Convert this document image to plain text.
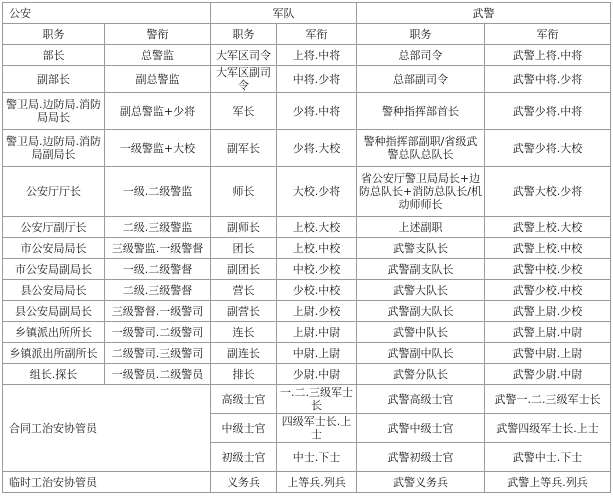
公安		军队		武警	
职务	警衔	职务	军衔	职务	军衔
部长	总警监	大军区司令	上将.中将	总部司令	武警上将.中将
副部长	副总警监	大军区副司令	中将.少将	总部副司令	武警中将.少将
警卫局.边防局.消防局局长	副总警监+少将	军长	少将.中将	警种指挥部首长	武警少将.中将
警卫局.边防局.消防局副局长	一级警监+大校	副军长	少将.大校	警种指挥部副职/省级武警总队总队长	武警少将.大校
公安厅厅长	一级.二级警监	师长	大校.少将	省公安厅警卫局局长+边防总队长+消防总队长/机动师师长	武警大校.少将
公安厅副厅长	二级.三级警监	副师长	上校.大校	上述副职	武警上校.大校
市公安局局长	三级警监.一级警督	团长	上校.中校	武警支队长	武警上校.中校
市公安局副局长	一级.二级警督	副团长	中校.少校	武警副支队长	武警中校.少校
县公安局局长	二级.三级警督	营长	少校.中校	武警大队长	武警少校.中校
县公安局副局长	三级警督.一级警司	副营长	上尉.少校	武警副大队长	武警上尉.少校
乡镇派出所所长	一级警司.二级警司	连长	上尉.中尉	武警中队长	武警上尉.中尉
乡镇派出所副所长	二级警司.三级警司	副连长	中尉.上尉	武警副中队长	武警中尉.上尉
组长.探长	一级警员.二级警员	排长	少尉.中尉	武警分队长	武警少尉.中尉
合同工治安协管员		高级士官	一.二.三级军士长	武警高级士官	武警一.二.三级军士长
		中级士官	四级军士长.上士	武警中级士官	武警四级军士长.上士
		初级士官	中士.下士	武警初级士官	武警中士.下士
临时工治安协管员		义务兵	上等兵.列兵	武警义务兵	武警上等兵.列兵
